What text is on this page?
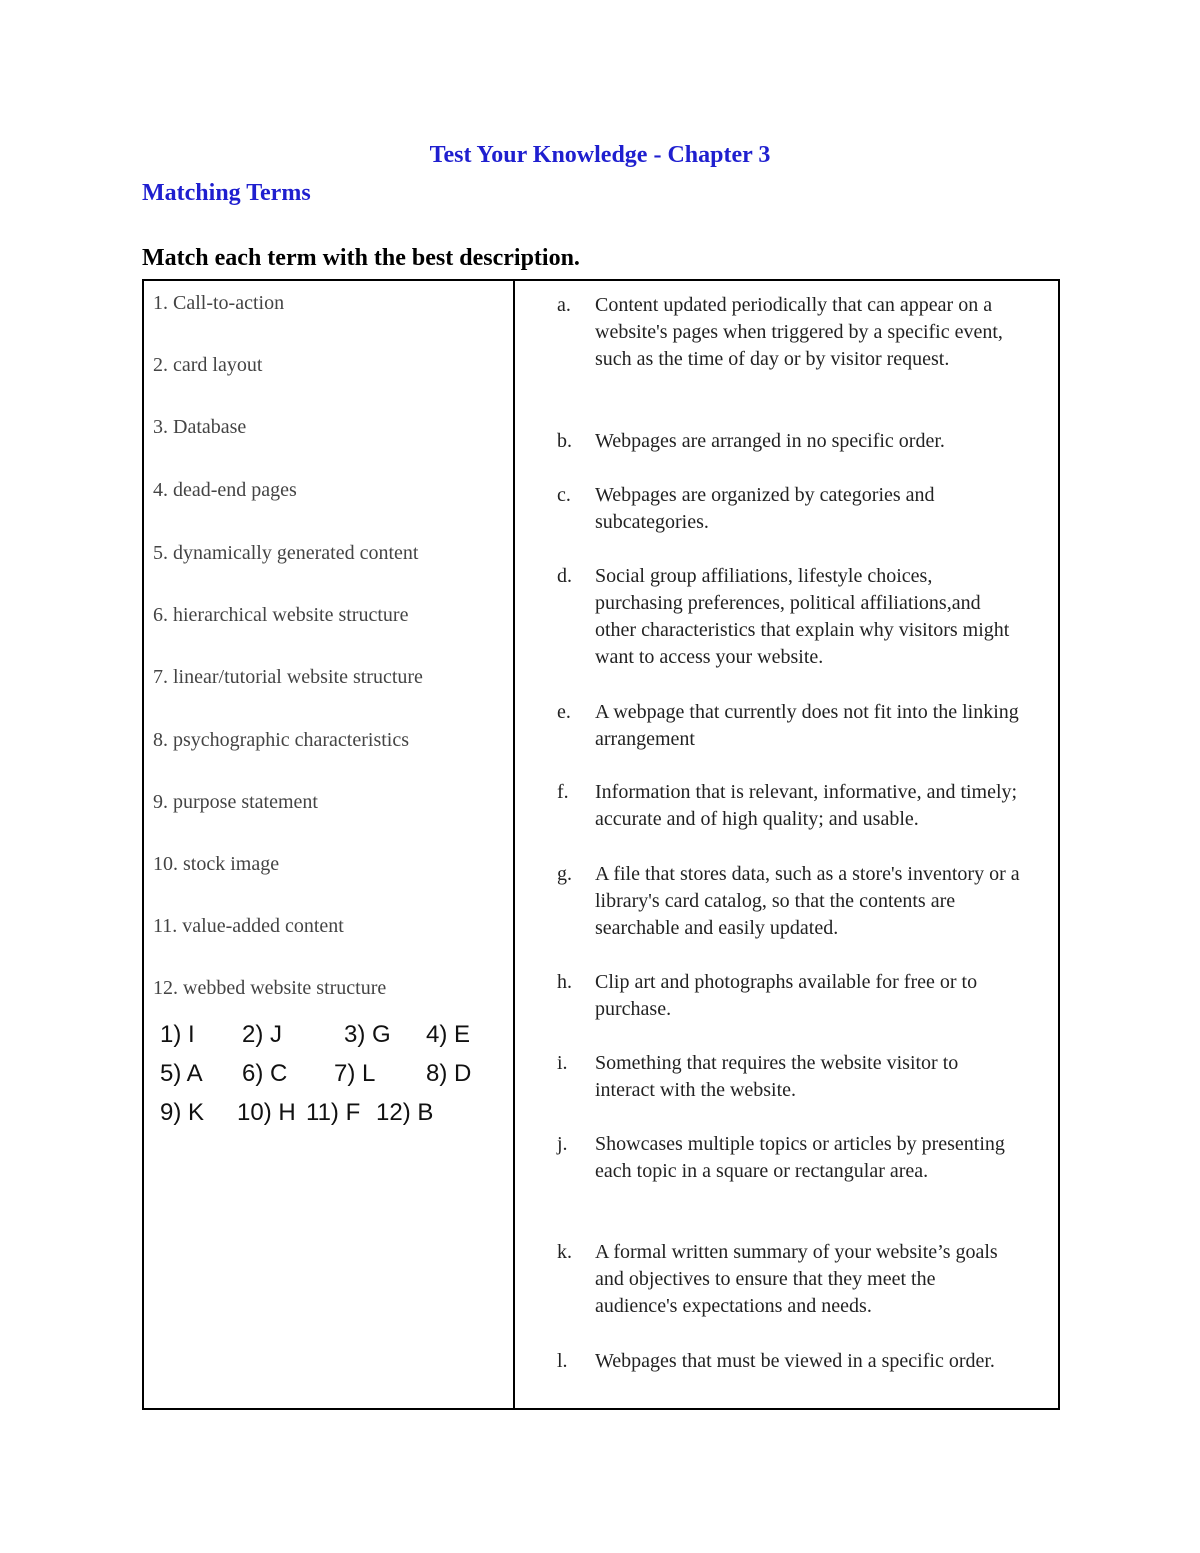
Test Your Knowledge - Chapter 3
Matching Terms
Match each term with the best description.
1. Call-to-action
2. card layout
3. Database
4. dead-end pages
5. dynamically generated content
6. hierarchical website structure
7. linear/tutorial website structure
8. psychographic characteristics
9. purpose statement
10. stock image
11. value-added content
12. webbed website structure
1) I 2) J	3) G 4) E
5) A 6) C 7) L 8) D
9) K 10) H 11) F 12) B
a. Content updated periodically that can appear on a website's pages when triggered by a specific event, such as the time of day or by visitor request.
b. Webpages are arranged in no specific order.
c. Webpages are organized by categories and subcategories.
d. Social group affiliations, lifestyle choices, purchasing preferences, political affiliations,and other characteristics that explain why visitors might want to access your website.
e. A webpage that currently does not fit into the linking arrangement
f. Information that is relevant, informative, and timely; accurate and of high quality; and usable.
g. A file that stores data, such as a store's inventory or a library's card catalog, so that the contents are searchable and easily updated.
h. Clip art and photographs available for free or to purchase.
i. Something that requires the website visitor to interact with the website.
j. Showcases multiple topics or articles by presenting each topic in a square or rectangular area.
k. A formal written summary of your website’s goals and objectives to ensure that they meet the audience's expectations and needs.
l. Webpages that must be viewed in a specific order.
